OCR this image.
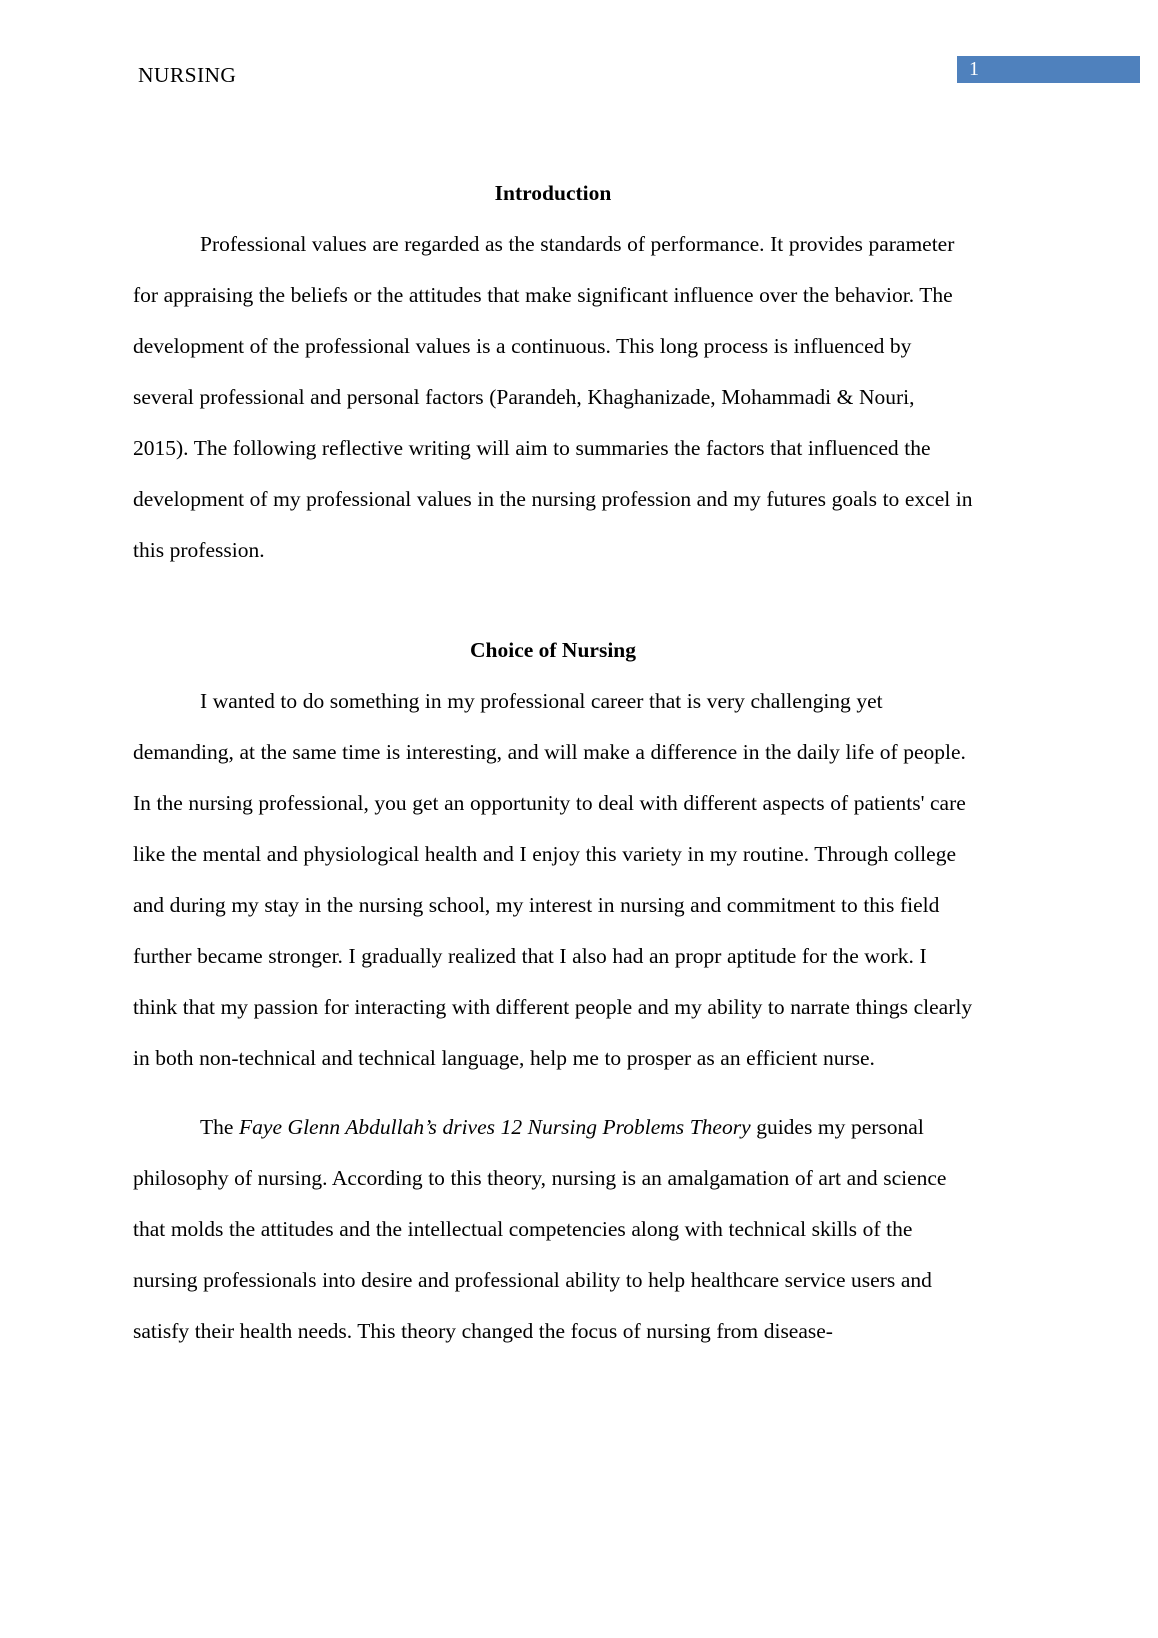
NURSING	1
Introduction

Professional values are regarded as the standards of performance. It provides parameter for appraising the beliefs or the attitudes that make significant influence over the behavior. The development of the professional values is a continuous. This long process is influenced by several professional and personal factors (Parandeh, Khaghanizade, Mohammadi & Nouri, 2015). The following reflective writing will aim to summaries the factors that influenced the development of my professional values in the nursing profession and my futures goals to excel in this profession.

Choice of Nursing

I wanted to do something in my professional career that is very challenging yet demanding, at the same time is interesting, and will make a difference in the daily life of people. In the nursing professional, you get an opportunity to deal with different aspects of patients' care like the mental and physiological health and I enjoy this variety in my routine. Through college and during my stay in the nursing school, my interest in nursing and commitment to this field further became stronger. I gradually realized that I also had an propr aptitude for the work. I think that my passion for interacting with different people and my ability to narrate things clearly in both non-technical and technical language, help me to prosper as an efficient nurse.

The Faye Glenn Abdullah’s drives 12 Nursing Problems Theory guides my personal philosophy of nursing. According to this theory, nursing is an amalgamation of art and science that molds the attitudes and the intellectual competencies along with technical skills of the nursing professionals into desire and professional ability to help healthcare service users and satisfy their health needs. This theory changed the focus of nursing from disease-
